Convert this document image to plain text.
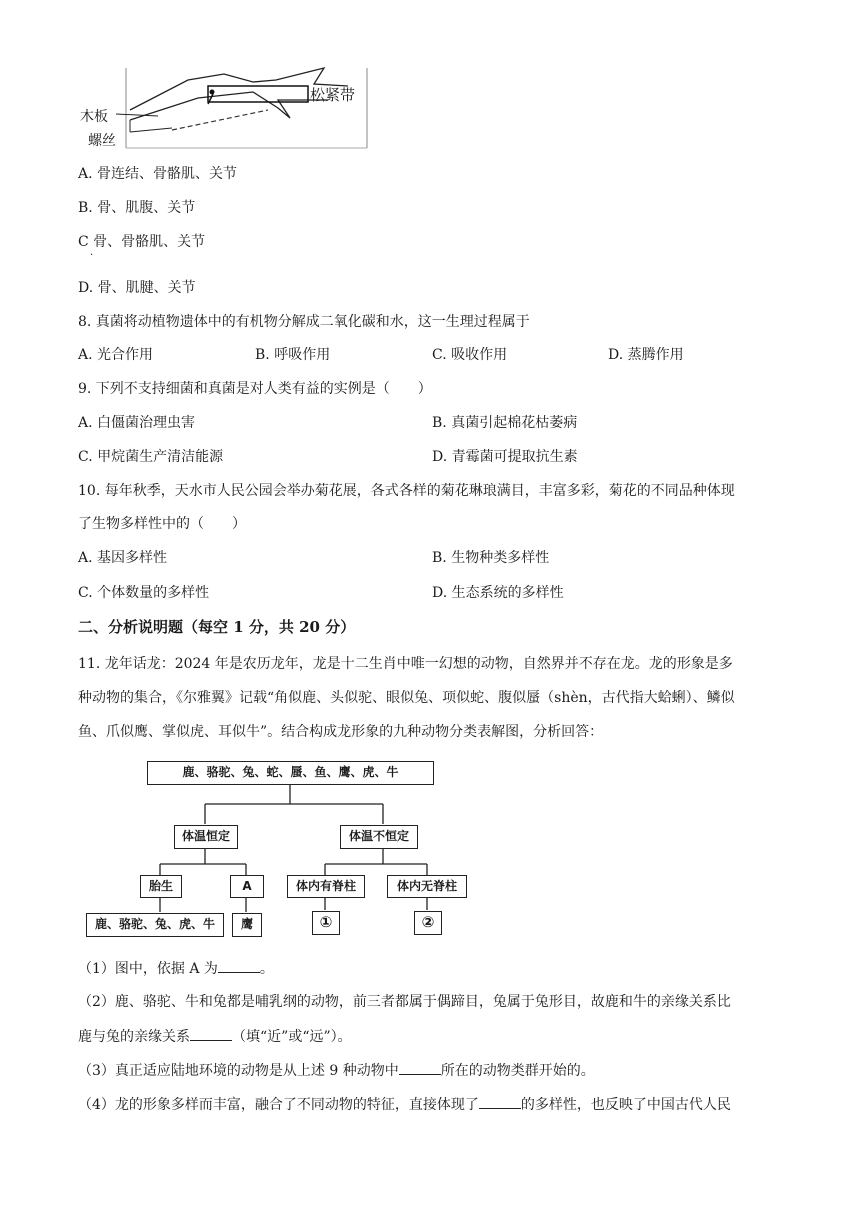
木板
螺丝
松紧带
A. 骨连结、骨骼肌、关节
B. 骨、肌腹、关节
C 骨、骨骼肌、关节
·
D. 骨、肌腱、关节
8. 真菌将动植物遗体中的有机物分解成二氧化碳和水，这一生理过程属于
A. 光合作用	B. 呼吸作用	C. 吸收作用	D. 蒸腾作用
9. 下列不支持细菌和真菌是对人类有益的实例是（　　）
A. 白僵菌治理虫害	B. 真菌引起棉花枯萎病
C. 甲烷菌生产清洁能源	D. 青霉菌可提取抗生素
10. 每年秋季，天水市人民公园会举办菊花展，各式各样的菊花琳琅满目，丰富多彩，菊花的不同品种体现
了生物多样性中的（　　）
A. 基因多样性	B. 生物种类多样性
C. 个体数量的多样性	D. 生态系统的多样性
二、分析说明题（每空 1 分，共 20 分）
11. 龙年话龙：2024 年是农历龙年，龙是十二生肖中唯一幻想的动物，自然界并不存在龙。龙的形象是多
种动物的集合，《尔雅翼》记载“角似鹿、头似驼、眼似兔、项似蛇、腹似蜃（shèn，古代指大蛤蜊）、鳞似
鱼、爪似鹰、掌似虎、耳似牛”。结合构成龙形象的九种动物分类表解图，分析回答：
鹿、骆驼、兔、蛇、蜃、鱼、鹰、虎、牛
体温恒定	体温不恒定
胎生	A	体内有脊柱	体内无脊柱
鹿、骆驼、兔、虎、牛	鹰	①	②
（1）图中，依据 A 为	。
（2）鹿、骆驼、牛和兔都是哺乳纲的动物，前三者都属于偶蹄目，兔属于兔形目，故鹿和牛的亲缘关系比
鹿与兔的亲缘关系	（填“近”或“远”）。
（3）真正适应陆地环境的动物是从上述 9 种动物中	所在的动物类群开始的。
（4）龙的形象多样而丰富，融合了不同动物的特征，直接体现了	的多样性，也反映了中国古代人民
